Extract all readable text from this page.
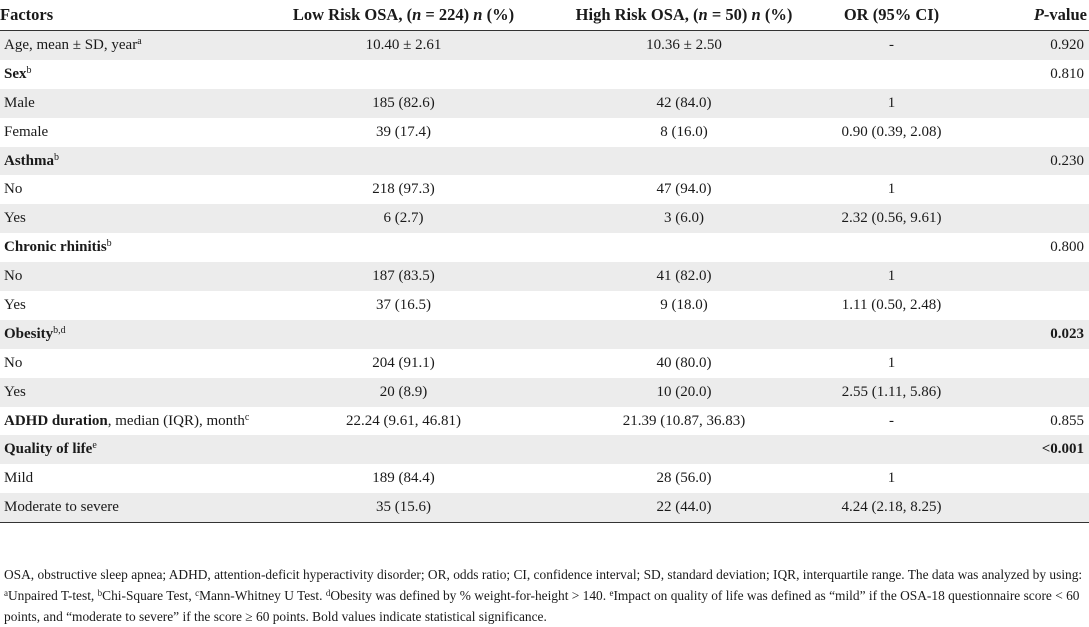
Factors	Low Risk OSA, (n = 224) n (%)	High Risk OSA, (n = 50) n (%)	OR (95% CI)	P-value
Age, mean ± SD, year$^a$	10.40 ± 2.61	10.36 ± 2.50	-	0.920
Sex$^b$				0.810
Male	185 (82.6)	42 (84.0)	1	
Female	39 (17.4)	8 (16.0)	0.90 (0.39, 2.08)	
Asthma$^b$				0.230
No	218 (97.3)	47 (94.0)	1	
Yes	6 (2.7)	3 (6.0)	2.32 (0.56, 9.61)	
Chronic rhinitis$^b$				0.800
No	187 (83.5)	41 (82.0)	1	
Yes	37 (16.5)	9 (18.0)	1.11 (0.50, 2.48)	
Obesity$^{b,d}$				0.023
No	204 (91.1)	40 (80.0)	1	
Yes	20 (8.9)	10 (20.0)	2.55 (1.11, 5.86)	
ADHD duration, median (IQR), month$^c$	22.24 (9.61, 46.81)	21.39 (10.87, 36.83)	-	0.855
Quality of life$^e$				<0.001
Mild	189 (84.4)	28 (56.0)	1	
Moderate to severe	35 (15.6)	22 (44.0)	4.24 (2.18, 8.25)	
OSA, obstructive sleep apnea; ADHD, attention-deficit hyperactivity disorder; OR, odds ratio; CI, confidence interval; SD, standard deviation; IQR, interquartile range. The data was analyzed by using: $^a$Unpaired T-test, $^b$Chi-Square Test, $^c$Mann-Whitney U Test. $^d$Obesity was defined by % weight-for-height > 140. $^e$Impact on quality of life was defined as “mild” if the OSA-18 questionnaire score < 60 points, and “moderate to severe” if the score ≥ 60 points. Bold values indicate statistical significance.
